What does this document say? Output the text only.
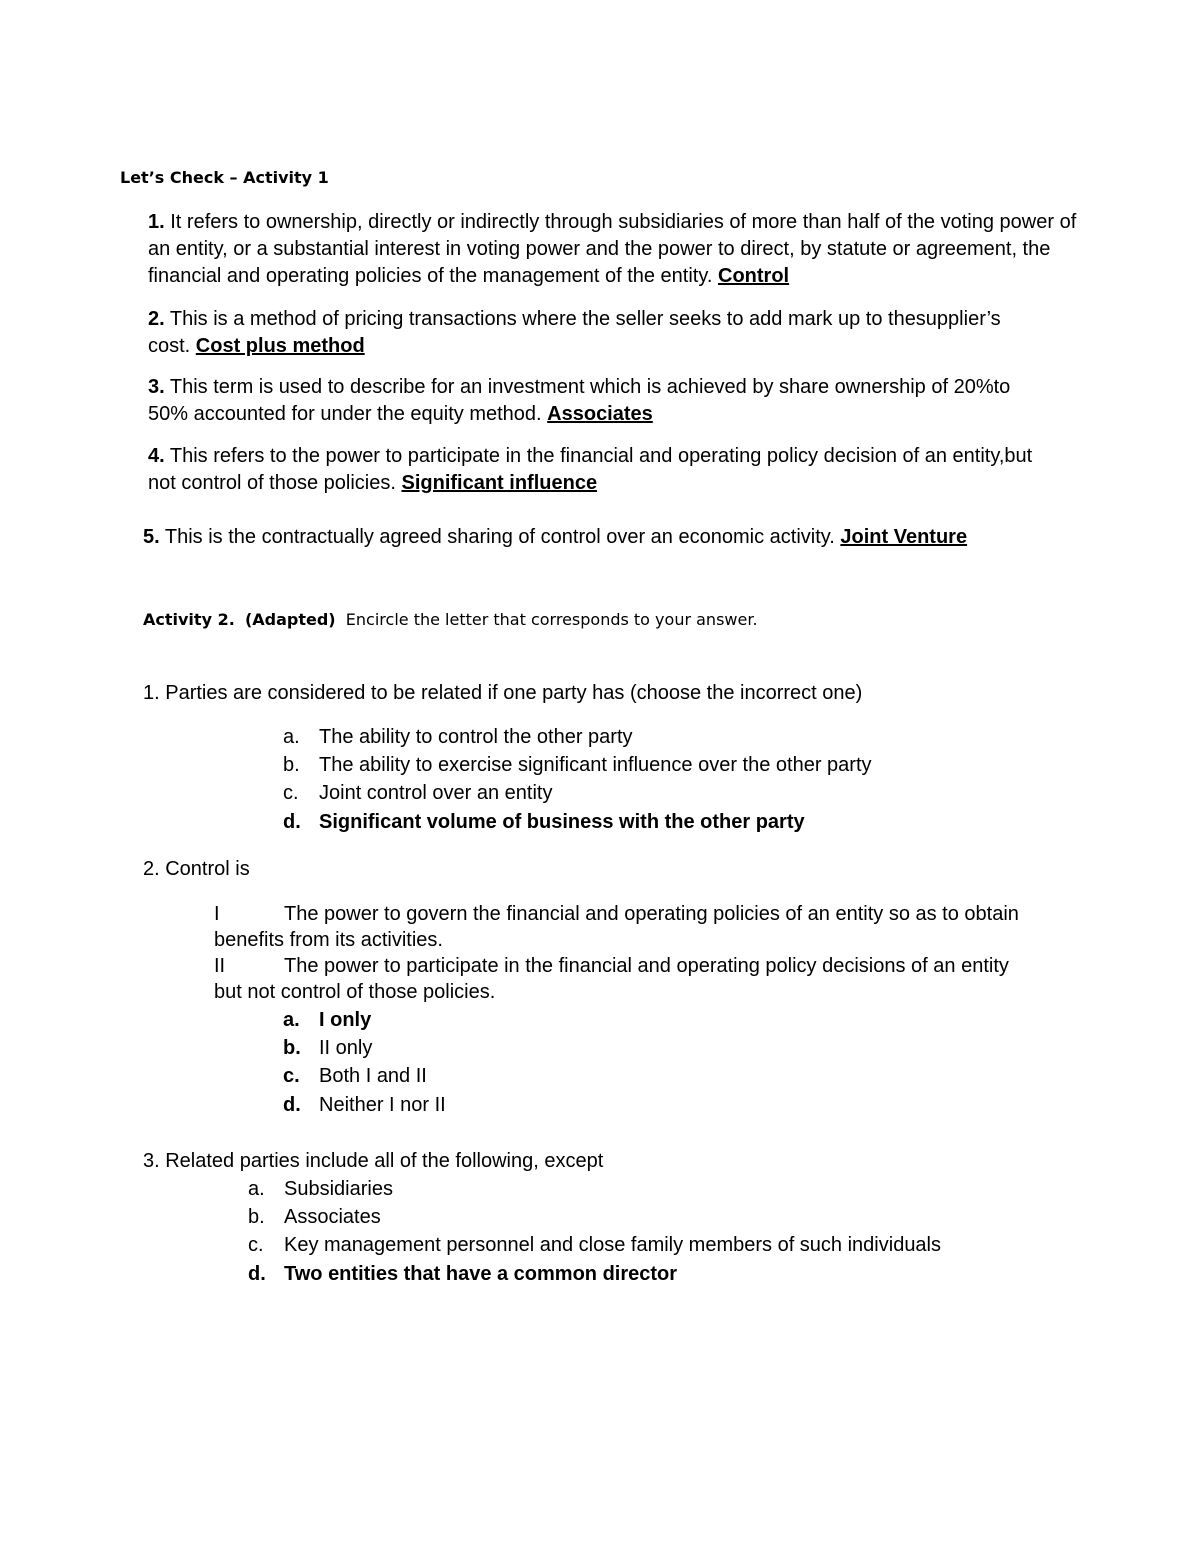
Let’s Check – Activity 1
1. It refers to ownership, directly or indirectly through subsidiaries of more than half of the voting power of an entity, or a substantial interest in voting power and the power to direct, by statute or agreement, the financial and operating policies of the management of the entity. Control
2. This is a method of pricing transactions where the seller seeks to add mark up to thesupplier’s cost. Cost plus method
3. This term is used to describe for an investment which is achieved by share ownership of 20%to 50% accounted for under the equity method. Associates
4. This refers to the power to participate in the financial and operating policy decision of an entity,but not control of those policies. Significant influence
5. This is the contractually agreed sharing of control over an economic activity. Joint Venture
Activity 2. (Adapted) Encircle the letter that corresponds to your answer.
1. Parties are considered to be related if one party has (choose the incorrect one)
a. The ability to control the other party
b. The ability to exercise significant influence over the other party
c. Joint control over an entity
d. Significant volume of business with the other party
2. Control is
I	The power to govern the financial and operating policies of an entity so as to obtain
benefits from its activities.
II	The power to participate in the financial and operating policy decisions of an entity
but not control of those policies.
a. I only
b. II only
c. Both I and II
d. Neither I nor II
3. Related parties include all of the following, except
a. Subsidiaries
b. Associates
c. Key management personnel and close family members of such individuals
d. Two entities that have a common director
